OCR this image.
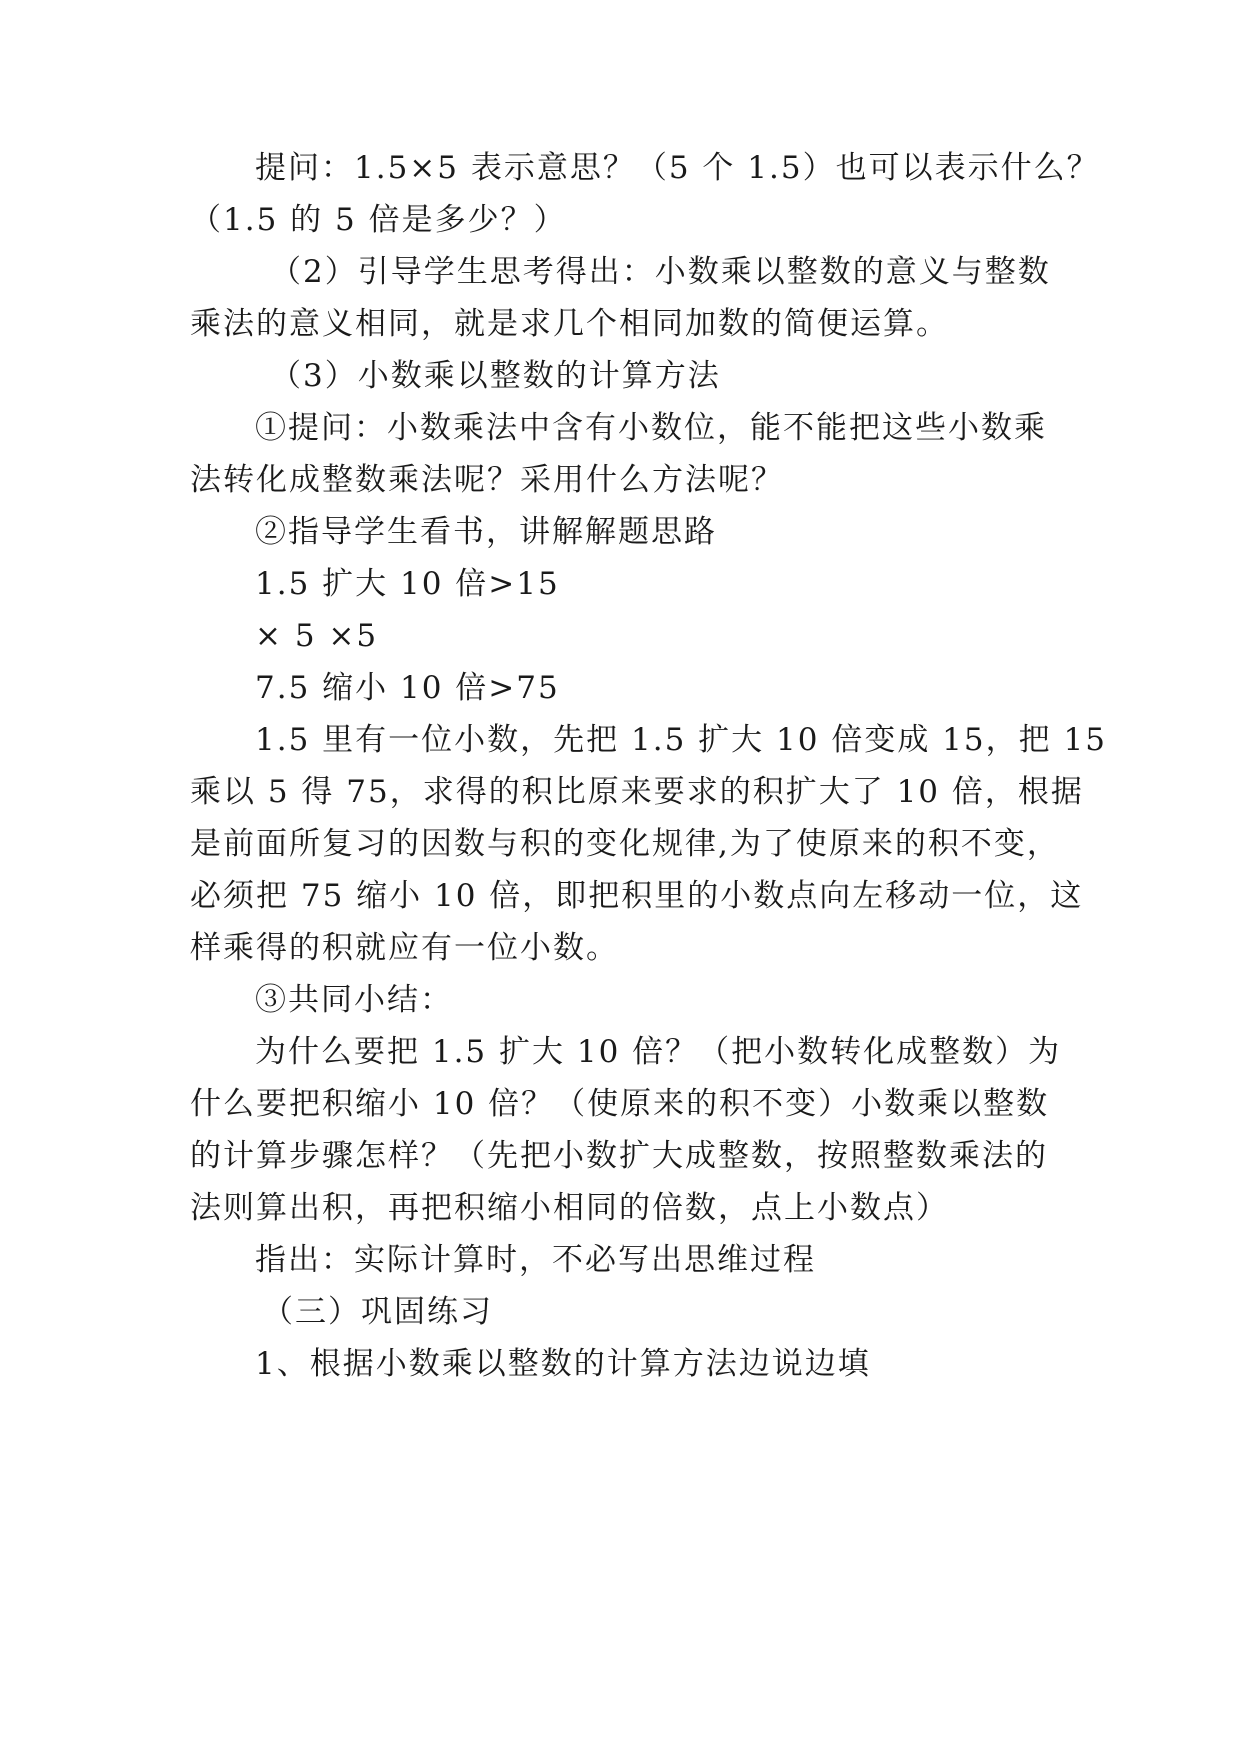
提问：1.5×5 表示意思？（5 个 1.5）也可以表示什么？
（1.5 的 5 倍是多少？）
（2）引导学生思考得出：小数乘以整数的意义与整数
乘法的意义相同，就是求几个相同加数的简便运算。
（3）小数乘以整数的计算方法
①提问：小数乘法中含有小数位，能不能把这些小数乘
法转化成整数乘法呢？采用什么方法呢？
②指导学生看书，讲解解题思路
1.5 扩大 10 倍>15
× 5 ×5
7.5 缩小 10 倍>75
1.5 里有一位小数，先把 1.5 扩大 10 倍变成 15，把 15
乘以 5 得 75，求得的积比原来要求的积扩大了 10 倍，根据
是前面所复习的因数与积的变化规律,为了使原来的积不变，
必须把 75 缩小 10 倍，即把积里的小数点向左移动一位，这
样乘得的积就应有一位小数。
③共同小结：
为什么要把 1.5 扩大 10 倍？（把小数转化成整数）为
什么要把积缩小 10 倍？（使原来的积不变）小数乘以整数
的计算步骤怎样？（先把小数扩大成整数，按照整数乘法的
法则算出积，再把积缩小相同的倍数，点上小数点）
指出：实际计算时，不必写出思维过程
（三）巩固练习
1、根据小数乘以整数的计算方法边说边填
